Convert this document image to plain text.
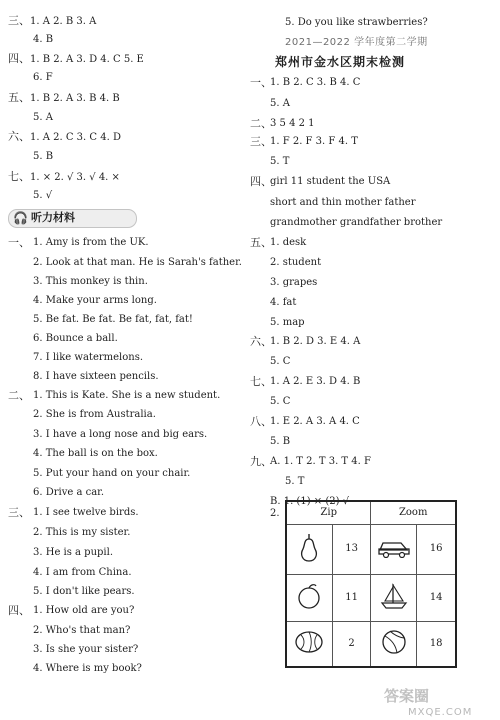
三、1. A 2. B 3. A
4. B
四、1. B 2. A 3. D 4. C 5. E
6. F
五、1. B 2. A 3. B 4. B
5. A
六、1. A 2. C 3. C 4. D
5. B
七、1. × 2. √ 3. √ 4. ×
5. √
🎧 听力材料
一、 1. Amy is from the UK.
2. Look at that man. He is Sarah's father.
3. This monkey is thin.
4. Make your arms long.
5. Be fat. Be fat. Be fat, fat, fat!
6. Bounce a ball.
7. I like watermelons.
8. I have sixteen pencils.
二、 1. This is Kate. She is a new student.
2. She is from Australia.
3. I have a long nose and big ears.
4. The ball is on the box.
5. Put your hand on your chair.
6. Drive a car.
三、 1. I see twelve birds.
2. This is my sister.
3. He is a pupil.
4. I am from China.
5. I don't like pears.
四、 1. How old are you?
2. Who's that man?
3. Is she your sister?
4. Where is my book?
5. Do you like strawberries?
2021—2022 学年度第二学期
郑州市金水区期末检测
一、
1. B 2. C 3. B 4. C
5. A
二、
3 5 4 2 1
三、
1. F 2. F 3. F 4. T
5. T
四、
girl 11 student the USA
short and thin mother father
grandmother grandfather brother
五、
1. desk
2. student
3. grapes
4. fat
5. map
六、
1. B 2. D 3. E 4. A
5. C
七、
1. A 2. E 3. D 4. B
5. C
八、
1. E 2. A 3. A 4. C
5. B
九、
A. 1. T 2. T 3. T 4. F
5. T
B. 1. (1) × (2) √
2.	Zip		Zoom	
	13		16
	11		14
	2		18
答案圈
MXQE.COM
